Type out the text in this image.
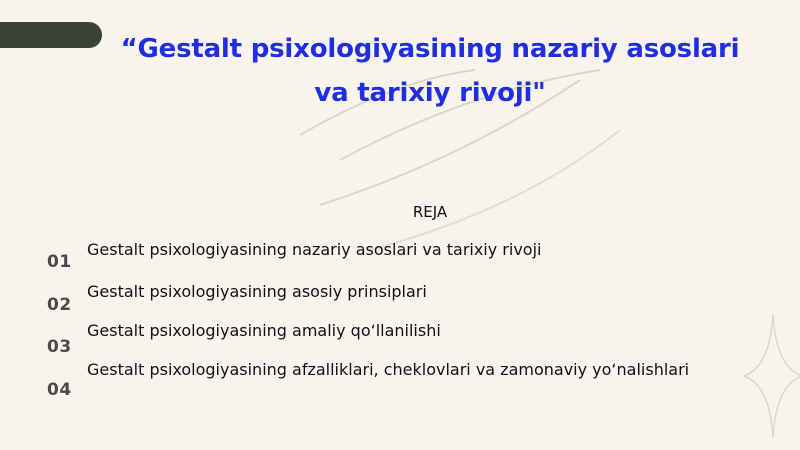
“Gestalt psixologiyasining nazariy asoslari va tarixiy rivoji"
REJA
01
Gestalt psixologiyasining nazariy asoslari va tarixiy rivoji
02
Gestalt psixologiyasining asosiy prinsiplari
03
Gestalt psixologiyasining amaliy qo‘llanilishi
04
Gestalt psixologiyasining afzalliklari, cheklovlari va zamonaviy yo‘nalishlari
